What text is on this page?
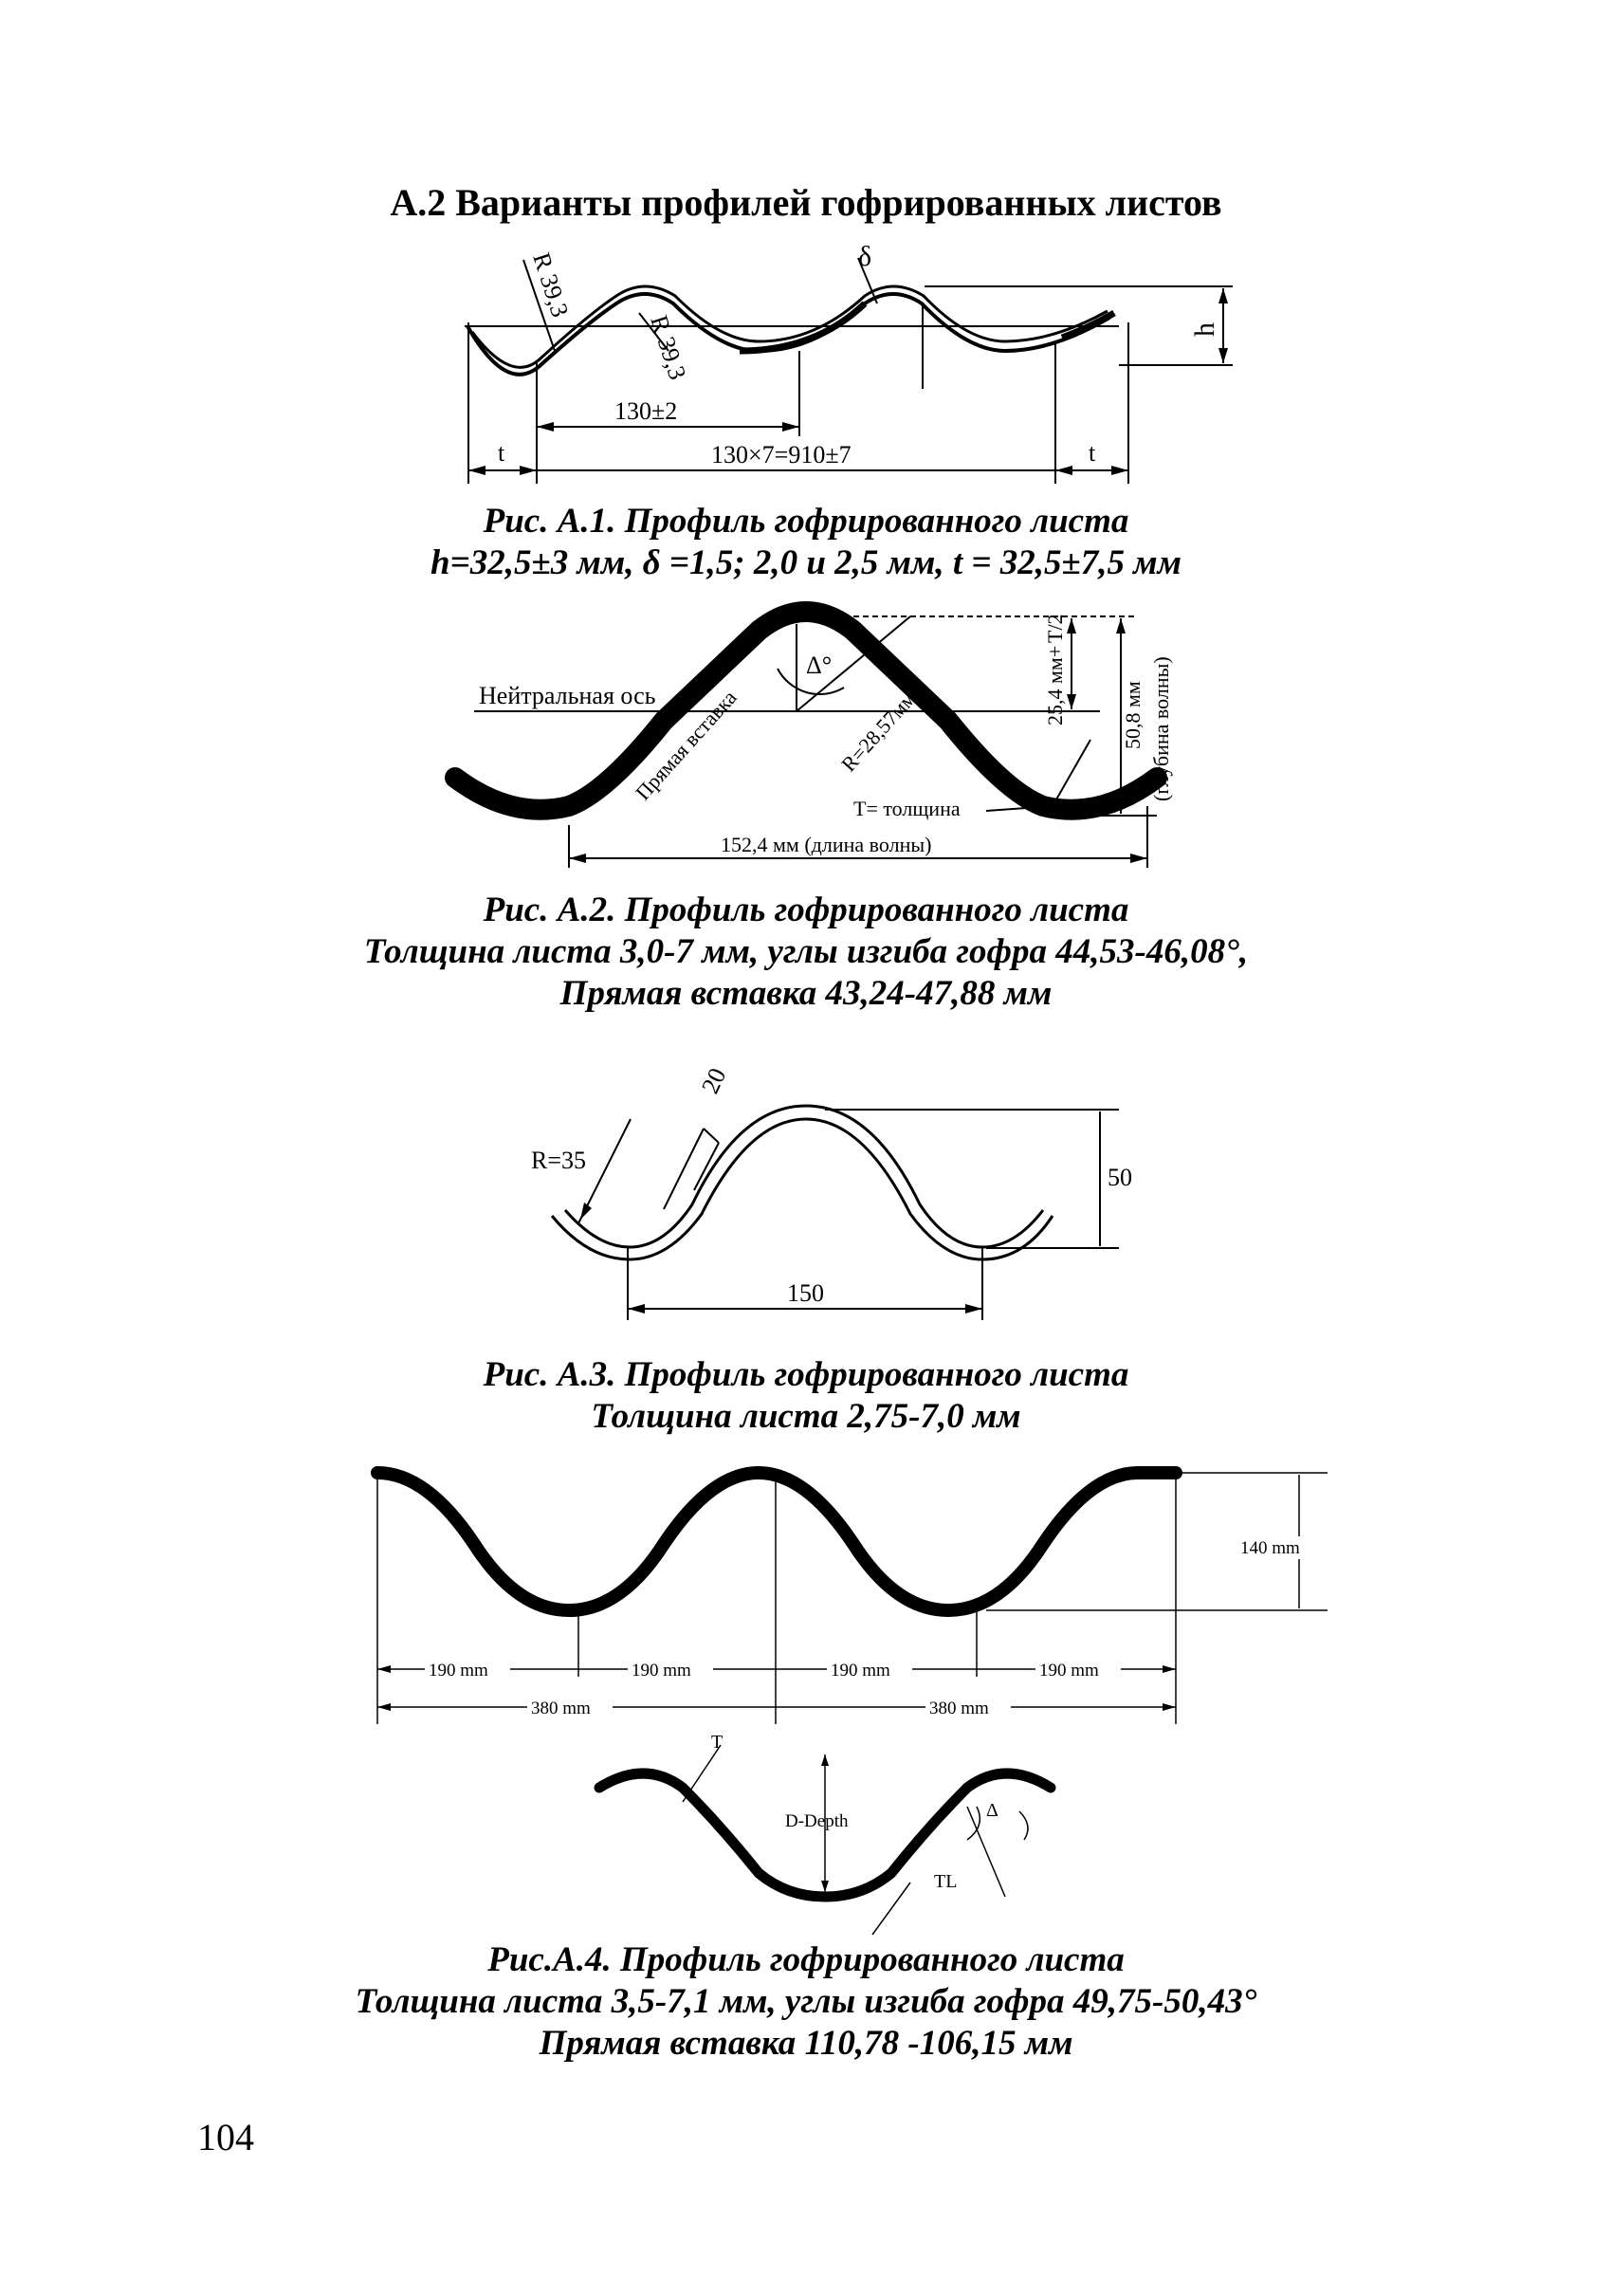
А.2 Варианты профилей гофрированных листов
R 39,3
R 39,3
δ
h
130±2
130×7=910±7
t	t
Рис. А.1. Профиль гофрированного листа
h=32,5±3 мм, δ =1,5; 2,0 и 2,5 мм, t = 32,5±7,5 мм
Нейтральная ось
Прямая вставка
Δ°
R=28,57мм
25,4 мм+
T/2
50,8 мм (глубина волны)
T= толщина
152,4 мм (длина волны)
Рис. А.2. Профиль гофрированного листа
Толщина листа 3,0-7 мм, углы изгиба гофра 44,53-46,08°,
Прямая вставка 43,24-47,88 мм
R=35
20
50
150
Рис. А.3. Профиль гофрированного листа
Толщина листа 2,75-7,0 мм
140 mm
190 mm	190 mm	190 mm	190 mm
380 mm	380 mm
T
D-Depth
Δ
TL
Рис.А.4. Профиль гофрированного листа
Толщина листа 3,5-7,1 мм, углы изгиба гофра 49,75-50,43°
Прямая вставка 110,78 -106,15 мм
104
